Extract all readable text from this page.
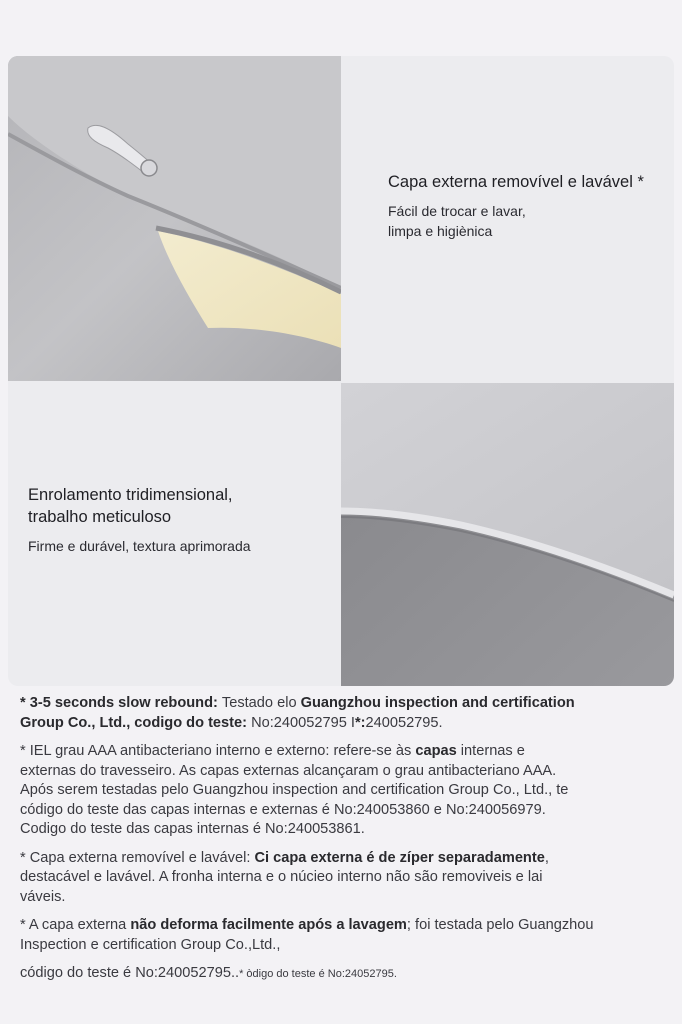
Capa externa removível e lavável *
Fácil de trocar e lavar,
limpa e higiènica
Enrolamento tridimensional,
trabalho meticuloso
Firme e durável, textura aprimorada

* 3-5 seconds slow rebound: Testado elo Guangzhou inspection and certification
Group Co., Ltd., codigo do teste: No:240052795 I*:240052795.

* IEL grau AAA antibacteriano interno e externo: refere-se às capas internas e
externas do travesseiro. As capas externas alcançaram o grau antibacteriano AAA.
Após serem testadas pelo Guangzhou inspection and certification Group Co., Ltd., te
código do teste das capas internas e externas é No:240053860 e No:240056979.
Codigo do teste das capas internas é No:240053861.

* Capa externa removível e lavável: Ci capa externa é de zíper separadamente,
destacável e lavável. A fronha interna e o núcieo interno não são removiveis e lai
váveis.

* A capa externa não deforma facilmente após a lavagem; foi testada pelo Guangzhou
Inspection e certification Group Co.,Ltd.,
código do teste é No:240052795..* òdigo do teste é No:24052795.
